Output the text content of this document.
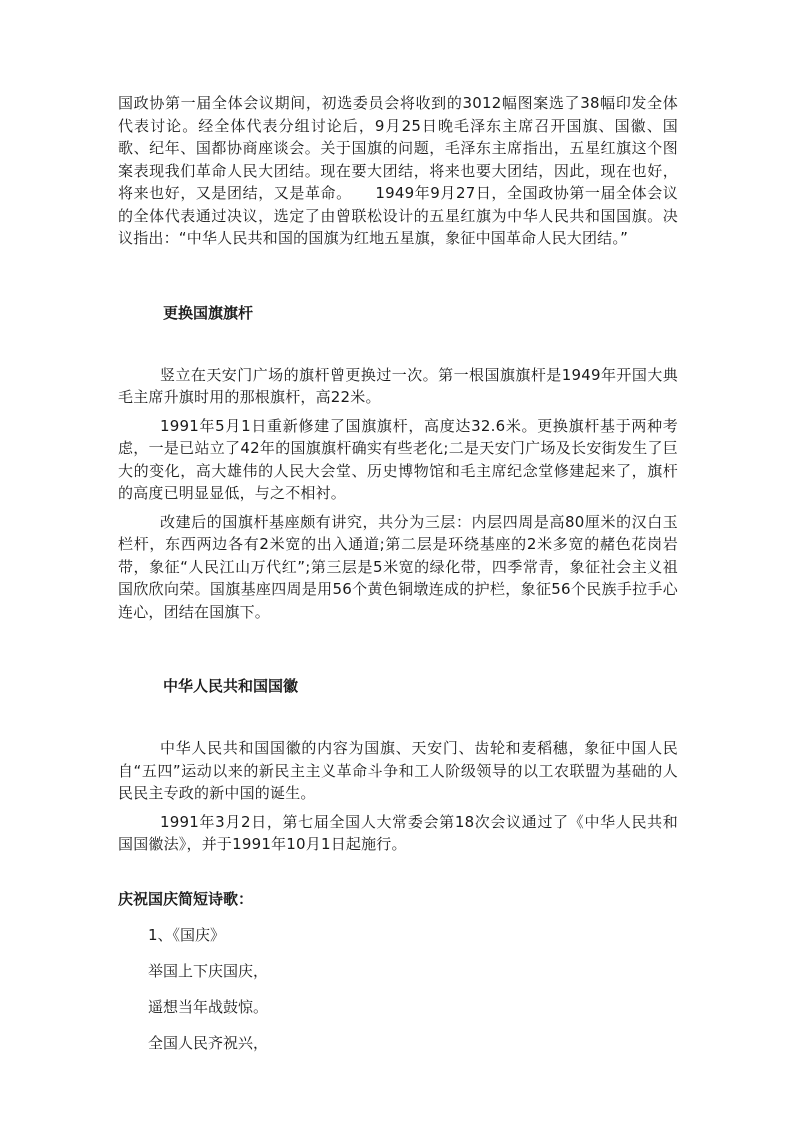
国政协第一届全体会议期间，初选委员会将收到的3012幅图案选了38幅印发全体代表讨论。经全体代表分组讨论后，9月25日晚毛泽东主席召开国旗、国徽、国歌、纪年、国都协商座谈会。关于国旗的问题，毛泽东主席指出，五星红旗这个图案表现我们革命人民大团结。现在要大团结，将来也要大团结，因此，现在也好，将来也好，又是团结，又是革命。　　1949年9月27日，全国政协第一届全体会议的全体代表通过决议，选定了由曾联松设计的五星红旗为中华人民共和国国旗。决议指出：“中华人民共和国的国旗为红地五星旗，象征中国革命人民大团结。”

更换国旗旗杆

竖立在天安门广场的旗杆曾更换过一次。第一根国旗旗杆是1949年开国大典毛主席升旗时用的那根旗杆，高22米。

1991年5月1日重新修建了国旗旗杆，高度达32.6米。更换旗杆基于两种考虑，一是已站立了42年的国旗旗杆确实有些老化;二是天安门广场及长安街发生了巨大的变化，高大雄伟的人民大会堂、历史博物馆和毛主席纪念堂修建起来了，旗杆的高度已明显显低，与之不相衬。

改建后的国旗杆基座颇有讲究，共分为三层：内层四周是高80厘米的汉白玉栏杆，东西两边各有2米宽的出入通道;第二层是环绕基座的2米多宽的赭色花岗岩带，象征“人民江山万代红”;第三层是5米宽的绿化带，四季常青，象征社会主义祖国欣欣向荣。国旗基座四周是用56个黄色铜墩连成的护栏，象征56个民族手拉手心连心，团结在国旗下。

中华人民共和国国徽

中华人民共和国国徽的内容为国旗、天安门、齿轮和麦稻穗，象征中国人民自“五四”运动以来的新民主主义革命斗争和工人阶级领导的以工农联盟为基础的人民民主专政的新中国的诞生。

1991年3月2日，第七届全国人大常委会第18次会议通过了《中华人民共和国国徽法》，并于1991年10月1日起施行。

庆祝国庆简短诗歌：

1、《国庆》

举国上下庆国庆，

遥想当年战鼓惊。

全国人民齐祝兴，
